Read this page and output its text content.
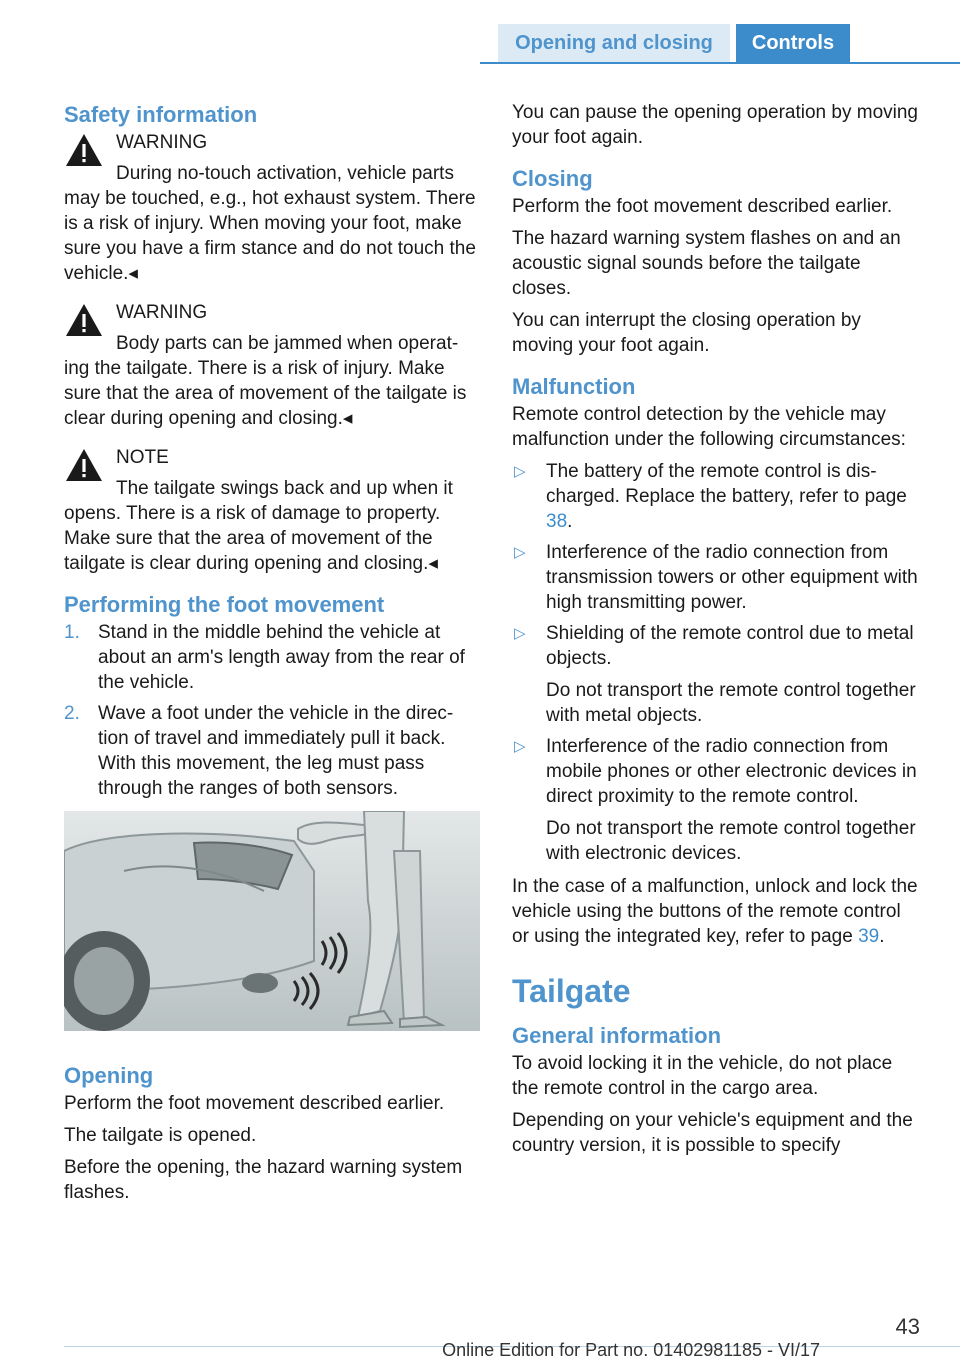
Opening and closing	Controls
Safety information
WARNING
During no-touch activation, vehicle parts may be touched, e.g., hot exhaust system. There is a risk of injury. When moving your foot, make sure you have a firm stance and do not touch the vehicle.◂
WARNING
Body parts can be jammed when operating the tailgate. There is a risk of injury. Make sure that the area of movement of the tailgate is clear during opening and closing.◂
NOTE
The tailgate swings back and up when it opens. There is a risk of damage to property. Make sure that the area of movement of the tailgate is clear during opening and closing.◂
Performing the foot movement
1. Stand in the middle behind the vehicle at about an arm's length away from the rear of the vehicle.
2. Wave a foot under the vehicle in the direction of travel and immediately pull it back. With this movement, the leg must pass through the ranges of both sensors.
Opening

Perform the foot movement described earlier.

The tailgate is opened.

Before the opening, the hazard warning system flashes.

You can pause the opening operation by moving your foot again.

Closing

Perform the foot movement described earlier.

The hazard warning system flashes on and an acoustic signal sounds before the tailgate closes.

You can interrupt the closing operation by moving your foot again.

Malfunction

Remote control detection by the vehicle may malfunction under the following circumstances:

▷ The battery of the remote control is discharged. Replace the battery, refer to page 38.
▷ Interference of the radio connection from transmission towers or other equipment with high transmitting power.
▷ Shielding of the remote control due to metal objects.
Do not transport the remote control together with metal objects.
▷ Interference of the radio connection from mobile phones or other electronic devices in direct proximity to the remote control.
Do not transport the remote control together with electronic devices.

In the case of a malfunction, unlock and lock the vehicle using the buttons of the remote control or using the integrated key, refer to page 39.

Tailgate
General information

To avoid locking it in the vehicle, do not place the remote control in the cargo area.

Depending on your vehicle's equipment and the country version, it is possible to specify

43
Online Edition for Part no. 01402981185 - VI/17
